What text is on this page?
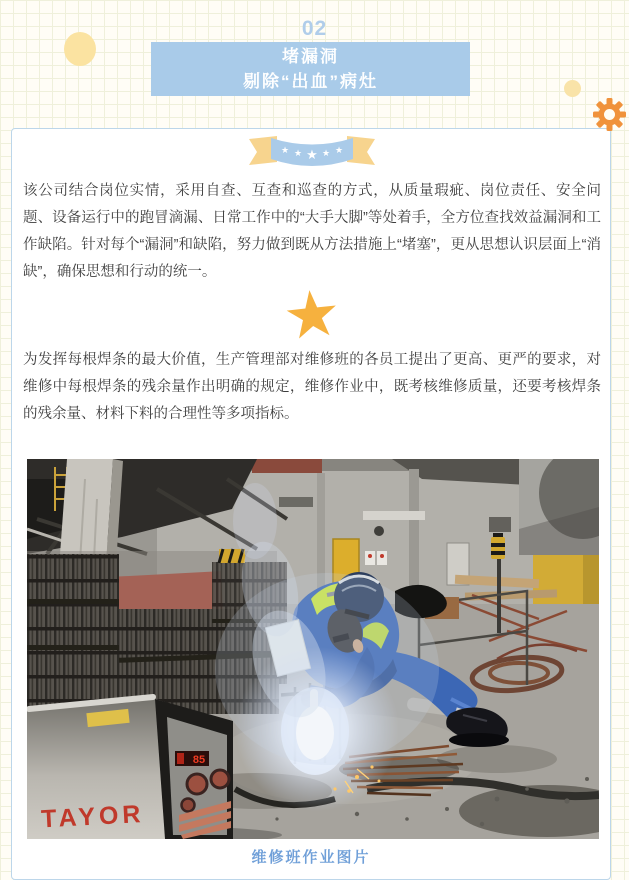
02
堵漏洞
剔除“出血”病灶
★ ★ ★ ★ ★
该公司结合岗位实情，采用自查、互查和巡查的方式，从质量瑕疵、岗位责任、安全问题、设备运行中的跑冒滴漏、日常工作中的“大手大脚”等处着手，全方位查找效益漏洞和工作缺陷。针对每个“漏洞”和缺陷，努力做到既从方法措施上“堵塞”，更从思想认识层面上“消缺”，确保思想和行动的统一。
为发挥每根焊条的最大价值，生产管理部对维修班的各员工提出了更高、更严的要求，对维修中每根焊条的残余量作出明确的规定，维修作业中，既考核维修质量，还要考核焊条的残余量、材料下料的合理性等多项指标。
85
TAYOR
维修班作业图片
